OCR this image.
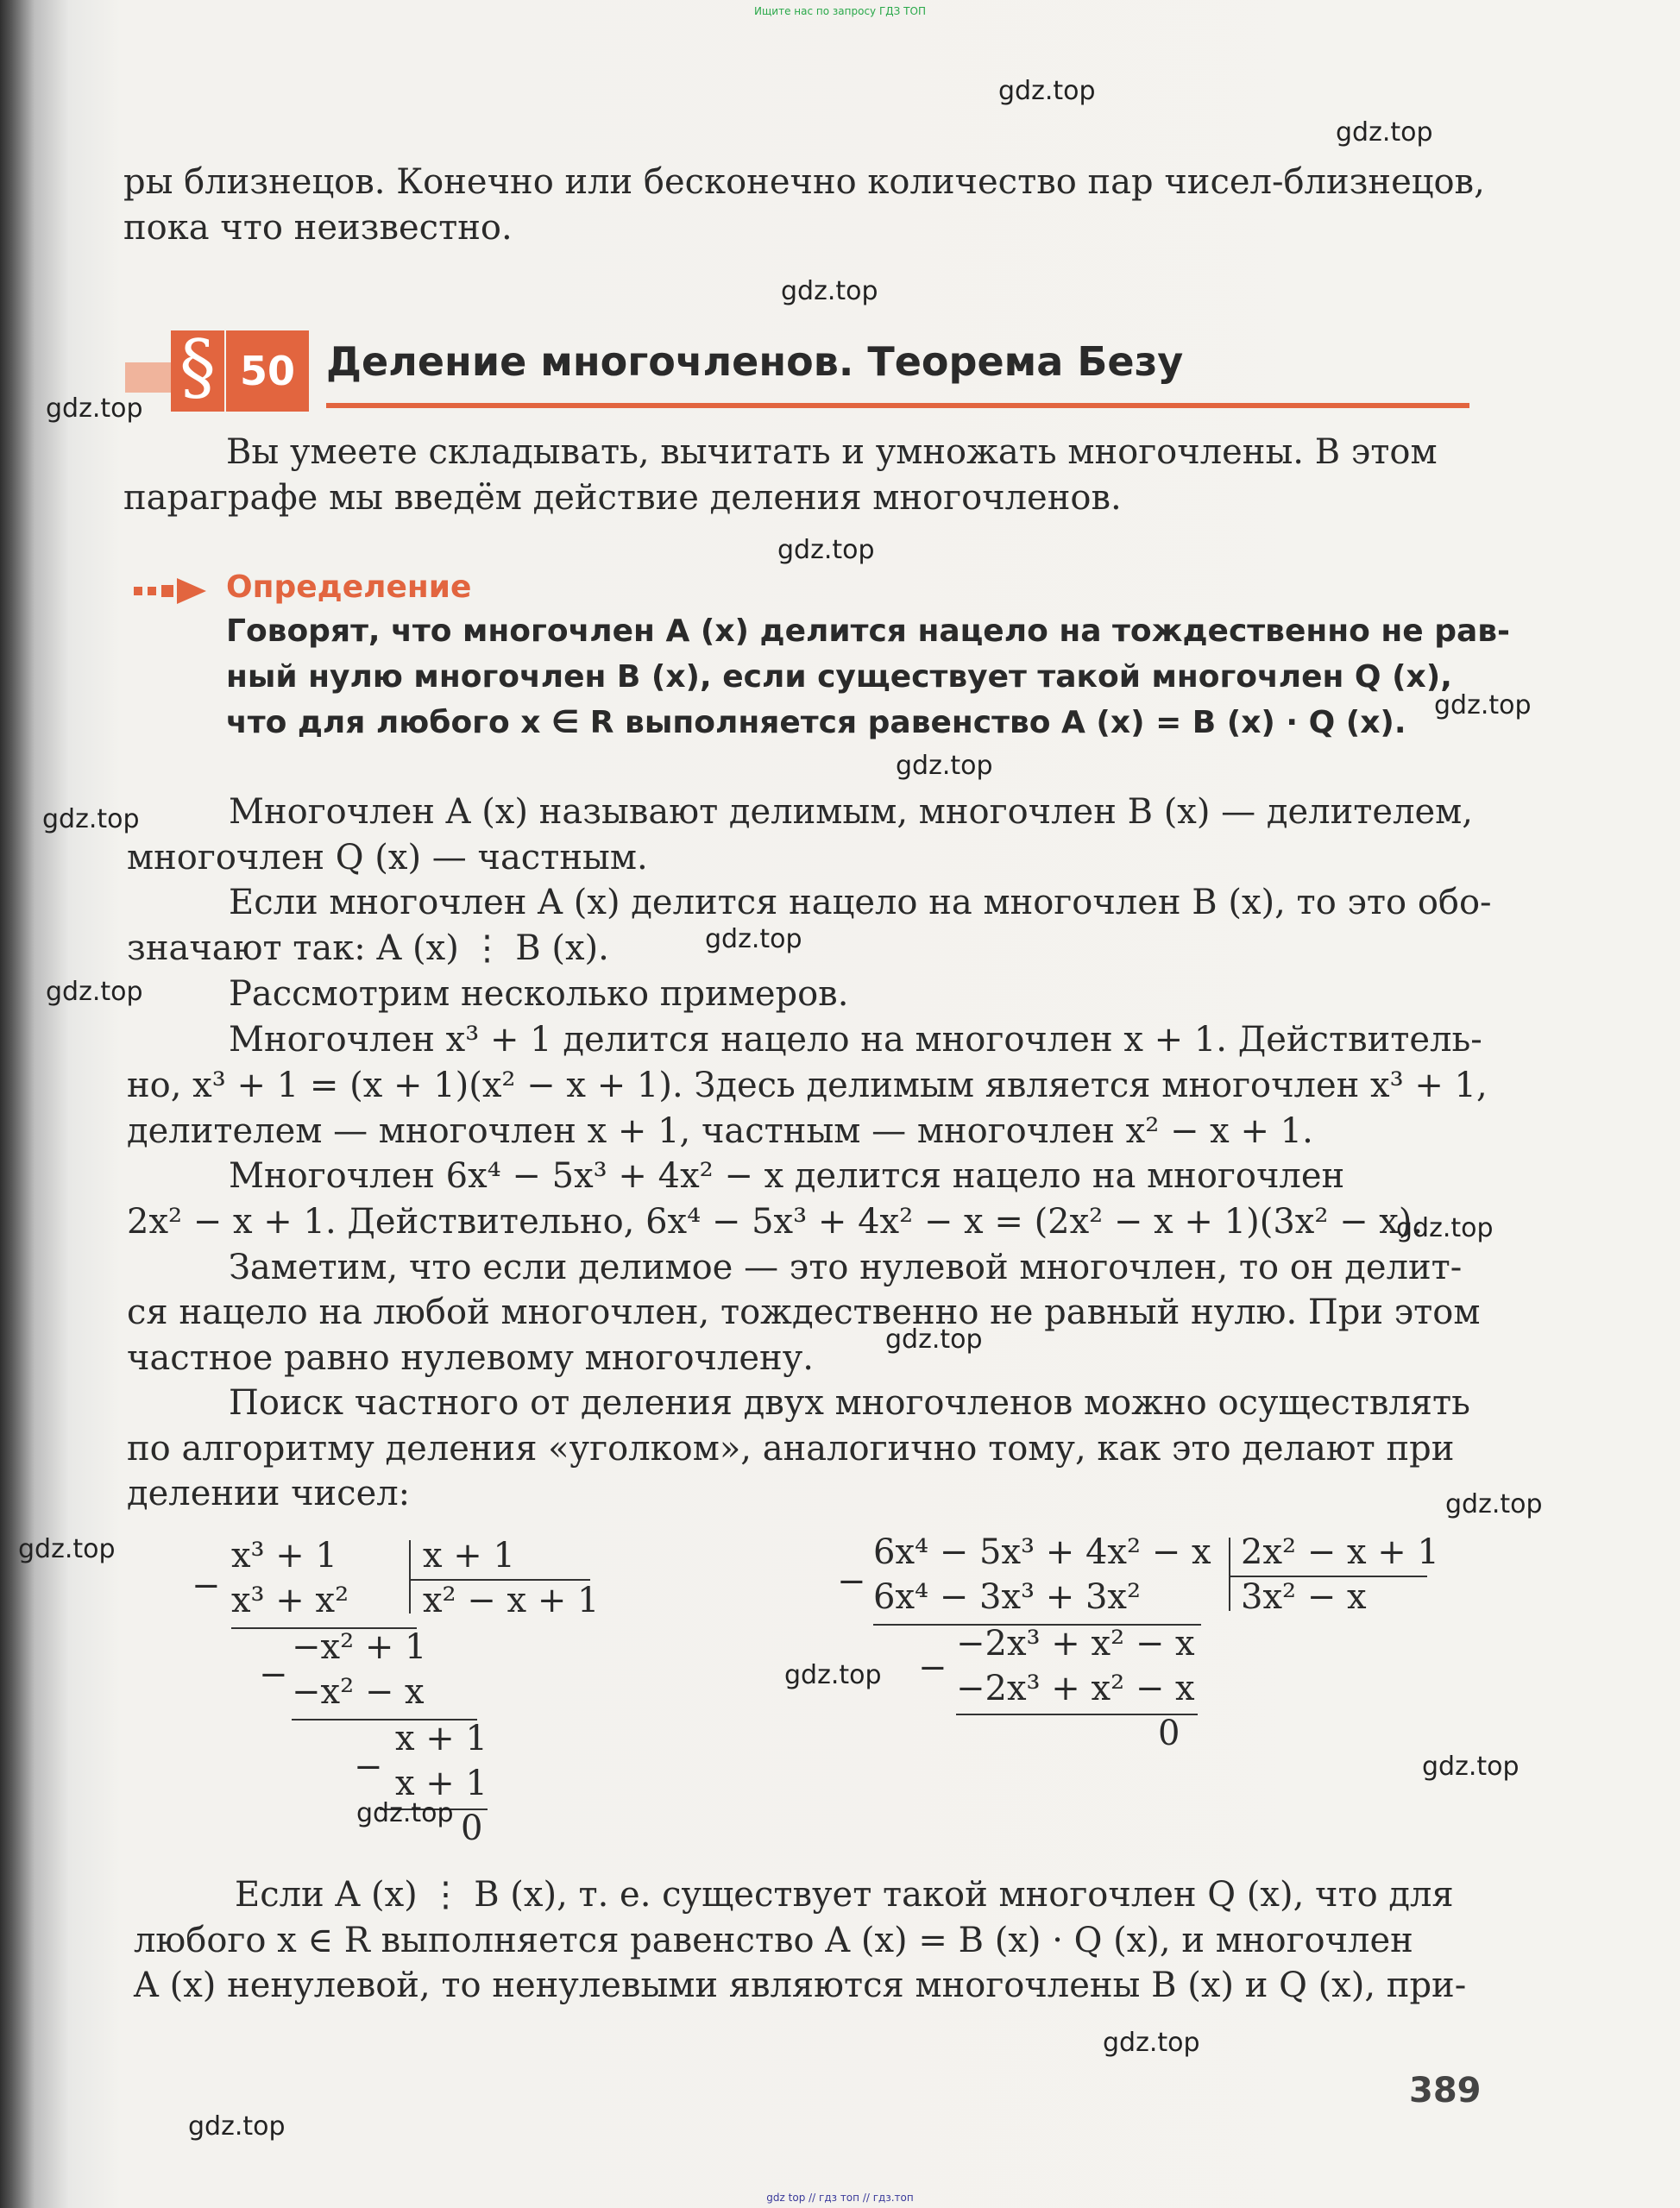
Ищите нас по запросу ГДЗ ТОП
ры близнецов. Конечно или бесконечно количество пар чисел-близнецов,
пока что неизвестно.
§ 50 Деление многочленов. Теорема Безу
Вы умеете складывать, вычитать и умножать многочлены. В этом
параграфе мы введём действие деления многочленов.
Определение
Говорят, что многочлен A (x) делится нацело на тождественно не рав-
ный нулю многочлен B (x), если существует такой многочлен Q (x),
что для любого x ∈ R выполняется равенство A (x) = B (x) · Q (x).
Многочлен A (x) называют делимым, многочлен B (x) — делителем,
многочлен Q (x) — частным.
Если многочлен A (x) делится нацело на многочлен B (x), то это обо-
значают так: A (x) ⋮ B (x).
Рассмотрим несколько примеров.
Многочлен x³ + 1 делится нацело на многочлен x + 1. Действитель-
но, x³ + 1 = (x + 1)(x² − x + 1). Здесь делимым является многочлен x³ + 1,
делителем — многочлен x + 1, частным — многочлен x² − x + 1.
Многочлен 6x⁴ − 5x³ + 4x² − x делится нацело на многочлен
2x² − x + 1. Действительно, 6x⁴ − 5x³ + 4x² − x = (2x² − x + 1)(3x² − x).
Заметим, что если делимое — это нулевой многочлен, то он делит-
ся нацело на любой многочлен, тождественно не равный нулю. При этом
частное равно нулевому многочлену.
Поиск частного от деления двух многочленов можно осуществлять
по алгоритму деления «уголком», аналогично тому, как это делают при
делении чисел:
−
x³ + 1
x³ + x²
x + 1
x² − x + 1
−
−x² + 1
−x² − x
−
x + 1
x + 1
0
−
6x⁴ − 5x³ + 4x² − x
6x⁴ − 3x³ + 3x²
2x² − x + 1
3x² − x
−
−2x³ + x² − x
−2x³ + x² − x
0
Если A (x) ⋮ B (x), т. е. существует такой многочлен Q (x), что для
любого x ∈ R выполняется равенство A (x) = B (x) · Q (x), и многочлен
A (x) ненулевой, то ненулевыми являются многочлены B (x) и Q (x), при-
389
gdz.top
gdz.top
gdz.top
gdz.top
gdz.top
gdz.top
gdz.top
gdz.top
gdz.top
gdz.top
gdz.top
gdz.top
gdz.top
gdz.top
gdz.top
gdz.top
gdz.top
gdz.top
gdz.top
gdz top // гдз топ // гдз.топ
